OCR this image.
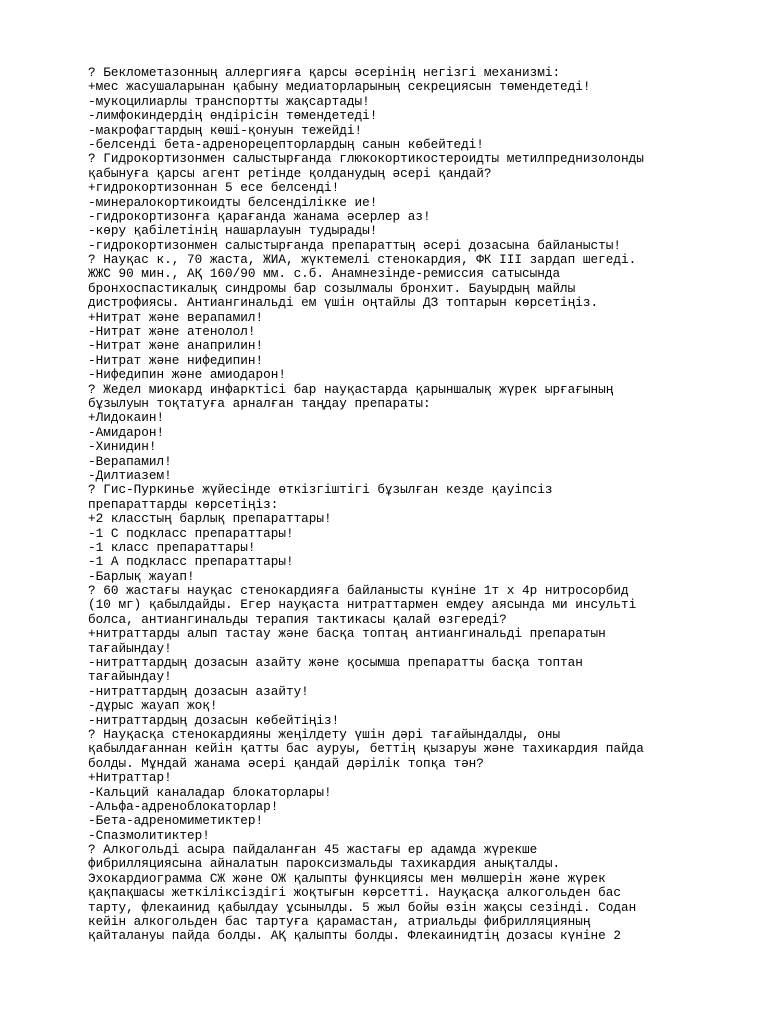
? Беклометазонның аллергияға қарсы әсерінің негізгі механизмі:
+мес жасушаларынан қабыну медиаторларының секрециясын төмендетеді!
-мукоцилиарлы транспортты жақсартады!
-лимфокиндердің өндірісін төмендетеді!
-макрофагтардың көші-қонуын тежейді!
-белсенді бета-адренорецепторлардың санын көбейтеді!
? Гидрокортизонмен салыстырғанда глюкокортикостероидты метилпреднизолонды
қабынуға қарсы агент ретінде қолданудың әсері қандай?
+гидрокортизоннан 5 есе белсенді!
-минералокортикоидты белсенділікке ие!
-гидрокортизонға қарағанда жанама әсерлер аз!
-көру қабілетінің нашарлауын тудырады!
-гидрокортизонмен салыстырғанда препараттың әсері дозасына байланысты!
? Науқас к., 70 жаста, ЖИА, жүктемелі стенокардия, ФК III зардап шегеді.
ЖЖС 90 мин., АҚ 160/90 мм. с.б. Анамнезінде-ремиссия сатысында
бронхоспастикалық синдромы бар созылмалы бронхит. Бауырдың майлы
дистрофиясы. Антиангинальді ем үшін оңтайлы ДЗ топтарын көрсетіңіз.
+Нитрат және верапамил!
-Нитрат және атенолол!
-Нитрат және анаприлин!
-Нитрат және нифедипин!
-Нифедипин және амиодарон!
? Жедел миокард инфарктісі бар науқастарда қарыншалық жүрек ырғағының
бұзылуын тоқтатуға арналған таңдау препараты:
+Лидокаин!
-Амидарон!
-Хинидин!
-Верапамил!
-Дилтиазем!
? Гис-Пуркинье жүйесінде өткізгіштігі бұзылған кезде қауіпсіз
препараттарды көрсетіңіз:
+2 класстың барлық препараттары!
-1 С подкласс препараттары!
-1 класс препараттары!
-1 А подкласс препараттары!
-Барлық жауап!
? 60 жастағы науқас стенокардияға байланысты күніне 1т х 4р нитросорбид
(10 мг) қабылдайды. Егер науқаста нитраттармен емдеу аясында ми инсульті
болса, антиангинальды терапия тактикасы қалай өзгереді?
+нитраттарды алып тастау және басқа топтаң антиангинальді препаратын
тағайындау!
-нитраттардың дозасын азайту және қосымша препаратты басқа топтан
тағайындау!
-нитраттардың дозасын азайту!
-дұрыс жауап жоқ!
-нитраттардың дозасын көбейтіңіз!
? Науқасқа стенокардияны жеңілдету үшін дәрі тағайындалды, оны
қабылдағаннан кейін қатты бас ауруы, беттің қызаруы және тахикардия пайда
болды. Мұндай жанама әсері қандай дәрілік топқа тән?
+Нитраттар!
-Кальций каналадар блокаторлары!
-Альфа-адреноблокаторлар!
-Бета-адреномиметиктер!
-Спазмолитиктер!
? Алкогольді асыра пайдаланған 45 жастағы ер адамда жүрекше
фибрилляциясына айналатын пароксизмальды тахикардия анықталды.
Эхокардиограмма СЖ және ОЖ қалыпты функциясы мен мөлшерін және жүрек
қақпақшасы жеткіліксіздігі жоқтығын көрсетті. Науқасқа алкогольден бас
тарту, флекаинид қабылдау ұсынылды. 5 жыл бойы өзін жақсы сезінді. Содан
кейін алкогольден бас тартуға қарамастан, атриальды фибрилляцияның
қайталануы пайда болды. АҚ қалыпты болды. Флекаинидтің дозасы күніне 2
